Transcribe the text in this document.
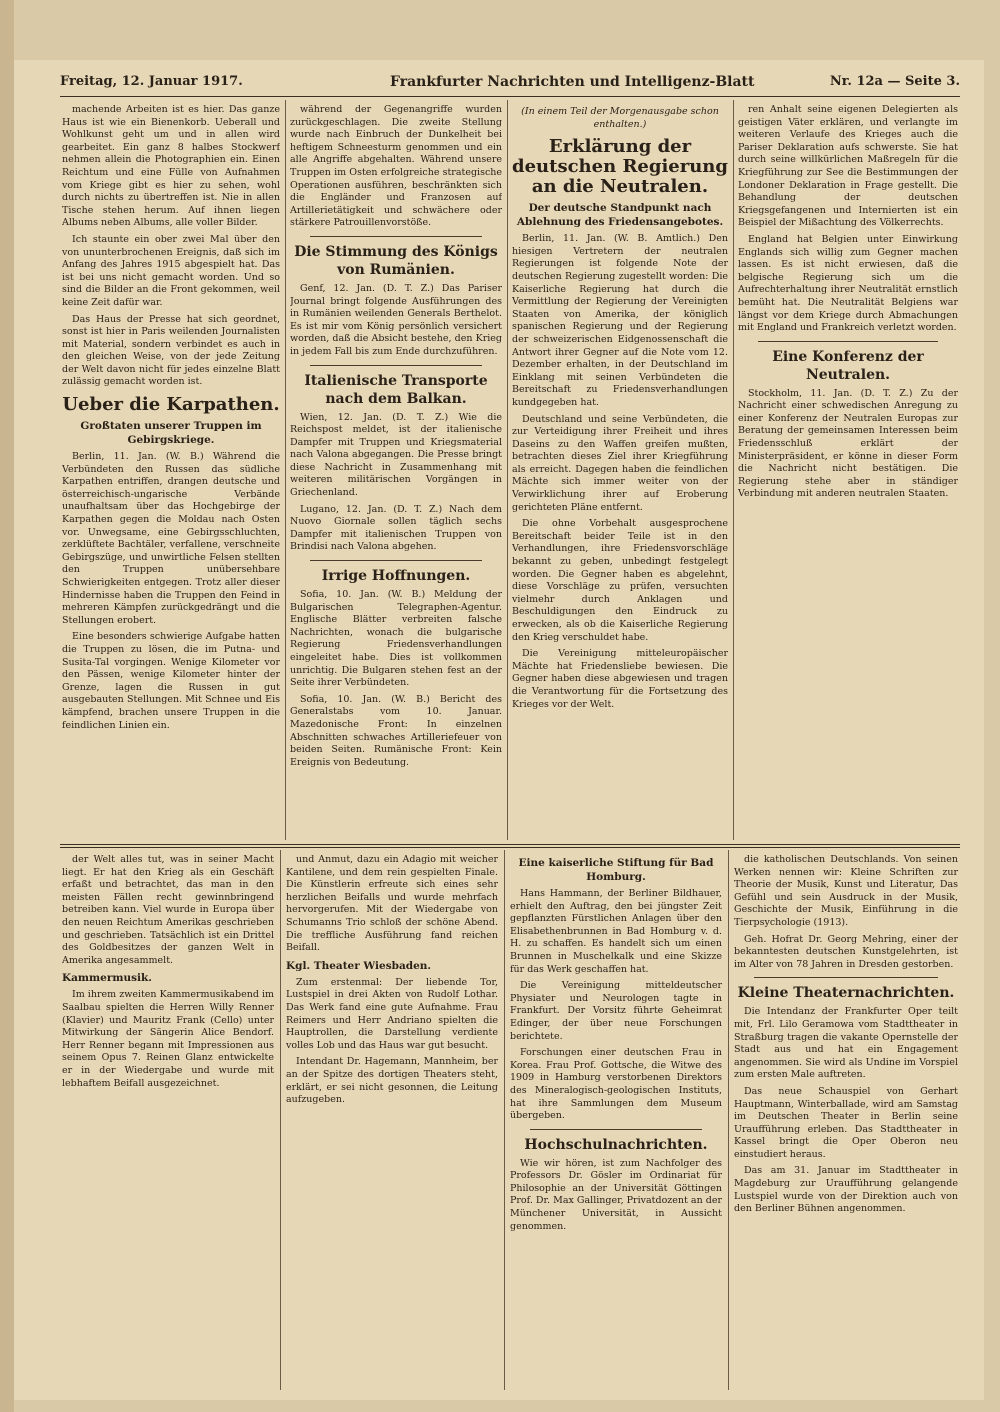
Freitag, 12. Januar 1917.	Frankfurter Nachrichten und Intelligenz-Blatt	Nr. 12a — Seite 3.

machende Arbeiten ist es hier. Das ganze Haus ist wie ein Bienenkorb. Ueberall und Wohlkunst geht um und in allen wird gearbeitet. Ein ganz 8 halbes Stockwerf nehmen allein die Photographien ein. Einen Reichtum und eine Fülle von Aufnahmen vom Kriege gibt es hier zu sehen, wohl durch nichts zu übertreffen ist. Nie in allen Tische stehen herum. Auf ihnen liegen Albums neben Albums, alle voller Bilder.

Ich staunte ein ober zwei Mal über den von ununterbrochenen Ereignis, daß sich im Anfang des Jahres 1915 abgespielt hat. Das ist bei uns nicht gemacht worden. Und so sind die Bilder an die Front gekommen, weil keine Zeit dafür war.

Das Haus der Presse hat sich geordnet, sonst ist hier in Paris weilenden Journalisten mit Material, sondern verbindet es auch in den gleichen Weise, von der jede Zeitung der Welt davon nicht für jedes einzelne Blatt zulässig gemacht worden ist.

Ueber die Karpathen.
Großtaten unserer Truppen im Gebirgskriege.

Berlin, 11. Jan. (W. B.) Während die Verbündeten den Russen das südliche Karpathen entriffen, drangen deutsche und österreichisch-ungarische Verbände unaufhaltsam über das Hochgebirge der Karpathen gegen die Moldau nach Osten vor. Unwegsame, eine Gebirgsschluchten, zerklüftete Bachtäler, verfallene, verschneite Gebirgszüge, und unwirtliche Felsen stellten den Truppen unübersehbare Schwierigkeiten entgegen. Trotz aller dieser Hindernisse haben die Truppen den Feind in mehreren Kämpfen zurückgedrängt und die Stellungen erobert.

Eine besonders schwierige Aufgabe hatten die Truppen zu lösen, die im Putna- und Susita-Tal vorgingen. Wenige Kilometer vor den Pässen, wenige Kilometer hinter der Grenze, lagen die Russen in gut ausgebauten Stellungen. Mit Schnee und Eis kämpfend, brachen unsere Truppen in die feindlichen Linien ein.

während der Gegenangriffe wurden zurückgeschlagen. Die zweite Stellung wurde nach Einbruch der Dunkelheit bei heftigem Schneesturm genommen und ein alle Angriffe abgehalten. Während unsere Truppen im Osten erfolgreiche strategische Operationen ausführen, beschränkten sich die Engländer und Franzosen auf Artillerietätigkeit und schwächere oder stärkere Patrouillenvorstöße.

Die Stimmung des Königs von Rumänien.

Genf, 12. Jan. (D. T. Z.) Das Pariser Journal bringt folgende Ausführungen des in Rumänien weilenden Generals Berthelot. Es ist mir vom König persönlich versichert worden, daß die Absicht bestehe, den Krieg in jedem Fall bis zum Ende durchzuführen.

Italienische Transporte nach dem Balkan.

Wien, 12. Jan. (D. T. Z.) Wie die Reichspost meldet, ist der italienische Dampfer mit Truppen und Kriegsmaterial nach Valona abgegangen. Die Presse bringt diese Nachricht in Zusammenhang mit weiteren militärischen Vorgängen in Griechenland.

Lugano, 12. Jan. (D. T. Z.) Nach dem Nuovo Giornale sollen täglich sechs Dampfer mit italienischen Truppen von Brindisi nach Valona abgehen.

Irrige Hoffnungen.

Sofia, 10. Jan. (W. B.) Meldung der Bulgarischen Telegraphen-Agentur. Englische Blätter verbreiten falsche Nachrichten, wonach die bulgarische Regierung Friedensverhandlungen eingeleitet habe. Dies ist vollkommen unrichtig. Die Bulgaren stehen fest an der Seite ihrer Verbündeten.

Sofia, 10. Jan. (W. B.) Bericht des Generalstabs vom 10. Januar. Mazedonische Front: In einzelnen Abschnitten schwaches Artilleriefeuer von beiden Seiten. Rumänische Front: Kein Ereignis von Bedeutung.

(In einem Teil der Morgenausgabe schon enthalten.)
Erklärung der deutschen Regierung an die Neutralen.
Der deutsche Standpunkt nach Ablehnung des Friedensangebotes.

Berlin, 11. Jan. (W. B. Amtlich.) Den hiesigen Vertretern der neutralen Regierungen ist folgende Note der deutschen Regierung zugestellt worden: Die Kaiserliche Regierung hat durch die Vermittlung der Regierung der Vereinigten Staaten von Amerika, der königlich spanischen Regierung und der Regierung der schweizerischen Eidgenossenschaft die Antwort ihrer Gegner auf die Note vom 12. Dezember erhalten, in der Deutschland im Einklang mit seinen Verbündeten die Bereitschaft zu Friedensverhandlungen kundgegeben hat.

Deutschland und seine Verbündeten, die zur Verteidigung ihrer Freiheit und ihres Daseins zu den Waffen greifen mußten, betrachten dieses Ziel ihrer Kriegführung als erreicht. Dagegen haben die feindlichen Mächte sich immer weiter von der Verwirklichung ihrer auf Eroberung gerichteten Pläne entfernt.

Die ohne Vorbehalt ausgesprochene Bereitschaft beider Teile ist in den Verhandlungen, ihre Friedensvorschläge bekannt zu geben, unbedingt festgelegt worden. Die Gegner haben es abgelehnt, diese Vorschläge zu prüfen, versuchten vielmehr durch Anklagen und Beschuldigungen den Eindruck zu erwecken, als ob die Kaiserliche Regierung den Krieg verschuldet habe.

Die Vereinigung mitteleuropäischer Mächte hat Friedensliebe bewiesen. Die Gegner haben diese abgewiesen und tragen die Verantwortung für die Fortsetzung des Krieges vor der Welt.

ren Anhalt seine eigenen Delegierten als geistigen Väter erklären, und verlangte im weiteren Verlaufe des Krieges auch die Pariser Deklaration aufs schwerste. Sie hat durch seine willkürlichen Maßregeln für die Kriegführung zur See die Bestimmungen der Londoner Deklaration in Frage gestellt. Die Behandlung der deutschen Kriegsgefangenen und Internierten ist ein Beispiel der Mißachtung des Völkerrechts.

England hat Belgien unter Einwirkung Englands sich willig zum Gegner machen lassen. Es ist nicht erwiesen, daß die belgische Regierung sich um die Aufrechterhaltung ihrer Neutralität ernstlich bemüht hat. Die Neutralität Belgiens war längst vor dem Kriege durch Abmachungen mit England und Frankreich verletzt worden.

Eine Konferenz der Neutralen.

Stockholm, 11. Jan. (D. T. Z.) Zu der Nachricht einer schwedischen Anregung zu einer Konferenz der Neutralen Europas zur Beratung der gemeinsamen Interessen beim Friedensschluß erklärt der Ministerpräsident, er könne in dieser Form die Nachricht nicht bestätigen. Die Regierung stehe aber in ständiger Verbindung mit anderen neutralen Staaten.

der Welt alles tut, was in seiner Macht liegt. Er hat den Krieg als ein Geschäft erfaßt und betrachtet, das man in den meisten Fällen recht gewinnbringend betreiben kann. Viel wurde in Europa über den neuen Reichtum Amerikas geschrieben und geschrieben. Tatsächlich ist ein Drittel des Goldbesitzes der ganzen Welt in Amerika angesammelt.

Kammermusik.

Im ihrem zweiten Kammermusikabend im Saalbau spielten die Herren Willy Renner (Klavier) und Mauritz Frank (Cello) unter Mitwirkung der Sängerin Alice Bendorf. Herr Renner begann mit Impressionen aus seinem Opus 7. Reinen Glanz entwickelte er in der Wiedergabe und wurde mit lebhaftem Beifall ausgezeichnet.

und Anmut, dazu ein Adagio mit weicher Kantilene, und dem rein gespielten Finale. Die Künstlerin erfreute sich eines sehr herzlichen Beifalls und wurde mehrfach hervorgerufen. Mit der Wiedergabe von Schumanns Trio schloß der schöne Abend. Die treffliche Ausführung fand reichen Beifall.

Kgl. Theater Wiesbaden.

Zum erstenmal: Der liebende Tor, Lustspiel in drei Akten von Rudolf Lothar. Das Werk fand eine gute Aufnahme. Frau Reimers und Herr Andriano spielten die Hauptrollen, die Darstellung verdiente volles Lob und das Haus war gut besucht.

Intendant Dr. Hagemann, Mannheim, ber an der Spitze des dortigen Theaters steht, erklärt, er sei nicht gesonnen, die Leitung aufzugeben.

Eine kaiserliche Stiftung für Bad Homburg.

Hans Hammann, der Berliner Bildhauer, erhielt den Auftrag, den bei jüngster Zeit gepflanzten Fürstlichen Anlagen über den Elisabethenbrunnen in Bad Homburg v. d. H. zu schaffen. Es handelt sich um einen Brunnen in Muschelkalk und eine Skizze für das Werk geschaffen hat.

Die Vereinigung mitteldeutscher Physiater und Neurologen tagte in Frankfurt. Der Vorsitz führte Geheimrat Edinger, der über neue Forschungen berichtete.

Forschungen einer deutschen Frau in Korea. Frau Prof. Gottsche, die Witwe des 1909 in Hamburg verstorbenen Direktors des Mineralogisch-geologischen Instituts, hat ihre Sammlungen dem Museum übergeben.

Hochschulnachrichten.

Wie wir hören, ist zum Nachfolger des Professors Dr. Gösler im Ordinariat für Philosophie an der Universität Göttingen Prof. Dr. Max Gallinger, Privatdozent an der Münchener Universität, in Aussicht genommen.

die katholischen Deutschlands. Von seinen Werken nennen wir: Kleine Schriften zur Theorie der Musik, Kunst und Literatur, Das Gefühl und sein Ausdruck in der Musik, Geschichte der Musik, Einführung in die Tierpsychologie (1913).

Geh. Hofrat Dr. Georg Mehring, einer der bekanntesten deutschen Kunstgelehrten, ist im Alter von 78 Jahren in Dresden gestorben.

Kleine Theaternachrichten.

Die Intendanz der Frankfurter Oper teilt mit, Frl. Lilo Geramowa vom Stadttheater in Straßburg tragen die vakante Opernstelle der Stadt aus und hat ein Engagement angenommen. Sie wird als Undine im Vorspiel zum ersten Male auftreten.

Das neue Schauspiel von Gerhart Hauptmann, Winterballade, wird am Samstag im Deutschen Theater in Berlin seine Uraufführung erleben. Das Stadttheater in Kassel bringt die Oper Oberon neu einstudiert heraus.

Das am 31. Januar im Stadttheater in Magdeburg zur Uraufführung gelangende Lustspiel wurde von der Direktion auch von den Berliner Bühnen angenommen.
